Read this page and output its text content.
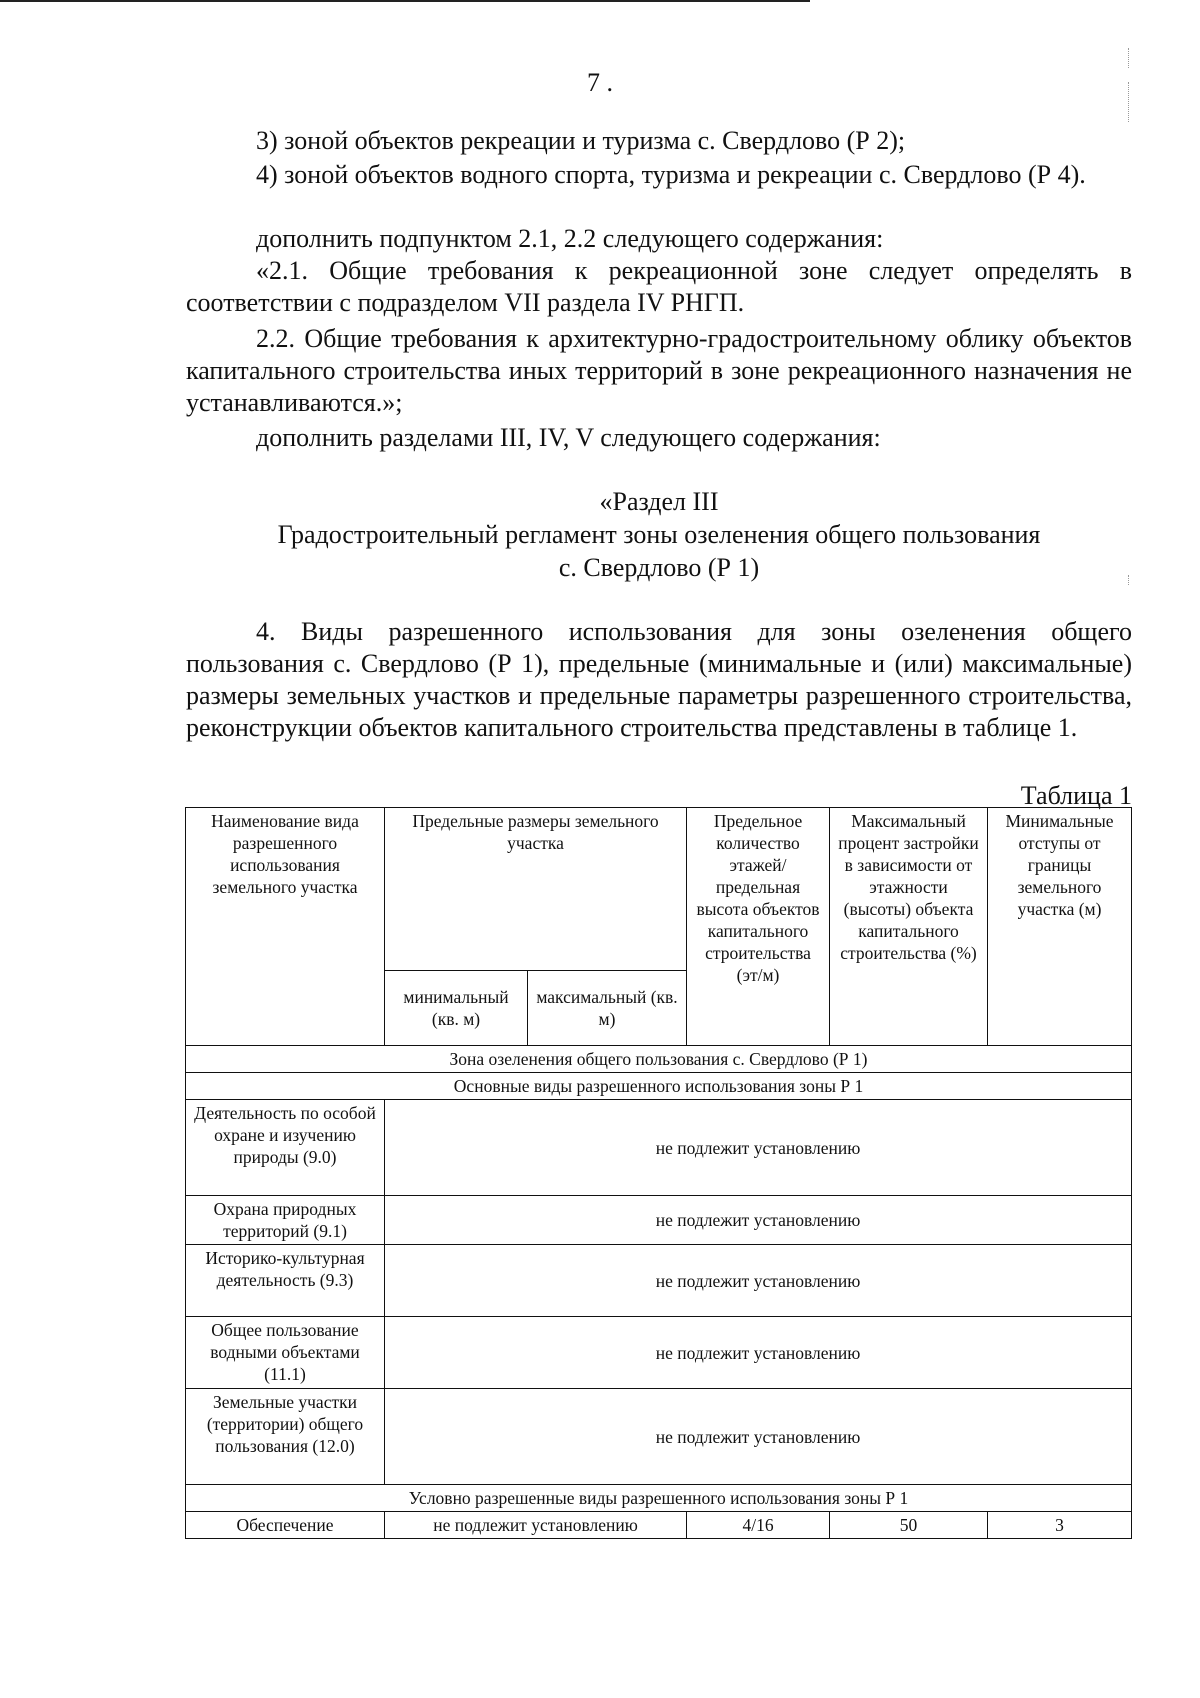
7 .

3) зоной объектов рекреации и туризма с. Свердлово (Р 2);

4) зоной объектов водного спорта, туризма и рекреации с. Свердлово (Р 4).

дополнить подпунктом 2.1, 2.2 следующего содержания:

«2.1. Общие требования к рекреационной зоне следует определять в соответствии с подразделом VII раздела IV РНГП.

2.2. Общие требования к архитектурно-градостроительному облику объектов капитального строительства иных территорий в зоне рекреационного назначения не устанавливаются.»;

дополнить разделами III, IV, V следующего содержания:

«Раздел III

Градостроительный регламент зоны озеленения общего пользования

с. Свердлово (Р 1)

4. Виды разрешенного использования для зоны озеленения общего пользования с. Свердлово (Р 1), предельные (минимальные и (или) максимальные) размеры земельных участков и предельные параметры разрешенного строительства, реконструкции объектов капитального строительства представлены в таблице 1.

Таблица 1
Наименование вида разрешенного использования земельного участка	Предельные размеры земельного участка		Предельное количество этажей/ предельная высота объектов капитального строительства (эт/м)	Максимальный процент застройки в зависимости от этажности (высоты) объекта капитального строительства (%)	Минимальные отступы от границы земельного участка (м)
	минимальный (кв. м)	максимальный (кв. м)			
Зона озеленения общего пользования с. Свердлово (Р 1)					
Основные виды разрешенного использования зоны Р 1					
Деятельность по особой охране и изучению природы (9.0)	не подлежит установлению				
Охрана природных территорий (9.1)	не подлежит установлению				
Историко-культурная деятельность (9.3)	не подлежит установлению				
Общее пользование водными объектами (11.1)	не подлежит установлению				
Земельные участки (территории) общего пользования (12.0)	не подлежит установлению				
Условно разрешенные виды разрешенного использования зоны Р 1					
Обеспечение	не подлежит установлению		4/16	50	3
